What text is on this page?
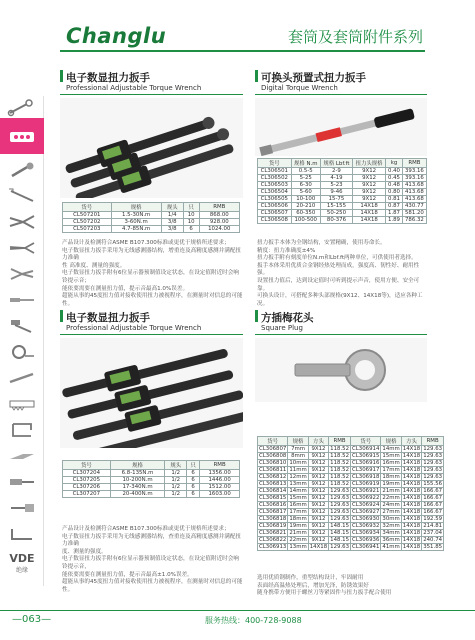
Changlu	套筒及套筒附件系列
VDE
绝缘
电子数显扭力扳手
Professional Adjustable Torque Wrench
货号	规格	规头	只	RMB
CL507201	1.5-30N.m	1/4	10	868.00
CL507202	3-60N.m	3/8	10	928.00
CL507203	4.7-85N.m	3/8	6	1024.00
产品设计及检测符合ASME B107.300标准或更优于规格所述要求；
电子数显扭力扳手采用为无线感测器结构，增重连及高精度感测并满配扭力准确
性 高准度、测量的强度。
电子数显扭力扳手附有6位显示器预制值设定状态，在设定值附近时会响铃提示音；
能依要需要在测量扭力值，提示音最高1.0%误差。
超能从事的45度扭力值对接收使用扭力被视程序，在测量时对信息的可能性。
可换头预置式扭力扳手
Digital Torque Wrench
货号	规格 N.m	规格 Lbf.ft	扭力头规格	kg	RMB
CL306501	0.5-5	2-9	9X12	0.40	393.16
CL306502	5-25	4-19	9X12	0.45	393.16
CL306503	6-30	5-23	9X12	0.48	413.68
CL306504	5-60	9-46	9X12	0.80	413.68
CL306505	10-100	15-75	9X12	0.81	413.68
CL306506	20-210	15-155	14X18	0.87	430.77
CL306507	60-350	50-250	14X18	1.87	581.20
CL306508	100-500	80-376	14X18	1.89	786.32
扭力扳手本体为全钢结构，安置精确，使用寿命长。
精度：扭力准确度±4%
扭力扳手附有刻度单位N.m和Lbf.ft两种单位，可供使用者选择。
扳手本体采用优质合金钢经热处理而成，强度高、韧性好、耐用性强。
设置扭力值后，达到设定值时可听到提示声音，使用方便、安全可靠。
可换头设计，可搭配多种头部规格(9X12、14X18等)，适应各种工况。
电子数显扭力扳手
Professional Adjustable Torque Wrench
货号	规格	规头	只	RMB
CL307204	6.8-135N.m	1/2	6	1356.00
CL307205	10-200N.m	1/2	6	1446.00
CL307206	17-340N.m	1/2	6	1512.00
CL307207	20-400N.m	1/2	6	1603.00
产品设计及检测符合ASME B107.300标准或更优于规格所述要求；
电子数显扭力扳手采用为无线感测器结构，查重连及高精度感测并满配扭力准确
度、测量的强度。
电子数显扭力扳手附有6位显示器预制值设定状态，在设定值附近时会响铃提示音，
能依要需要在测量扭力值，提示音最高±1.0%误差。
超能从事的45度扭力值对接收使用扭力被视程序，在测量时对信息的可能性。
方插梅花头
Square Plug
货号	规格	方头	RMB	货号	规格	方头	RMB
CL306807	7mm	9X12	118.52	CL306914	14mm	14X18	129.63
CL306808	8mm	9X12	118.52	CL306915	15mm	14X18	129.63
CL306810	10mm	9X12	118.52	CL306916	16mm	14X18	129.63
CL306811	11mm	9X12	118.52	CL306917	17mm	14X18	129.63
CL306812	12mm	9X12	118.52	CL306918	18mm	14X18	129.63
CL306813	13mm	9X12	118.52	CL306919	19mm	14X18	155.56
CL306814	14mm	9X12	129.63	CL306921	21mm	14X18	166.67
CL306815	15mm	9X12	129.63	CL306922	22mm	14X18	166.67
CL306816	16mm	9X12	129.63	CL306924	24mm	14X18	166.67
CL306817	17mm	9X12	129.63	CL306927	27mm	14X18	166.67
CL306818	18mm	9X12	129.63	CL306930	30mm	14X18	192.59
CL306819	19mm	9X12	148.15	CL306932	32mm	14X18	214.81
CL306821	21mm	9X12	148.15	CL306934	34mm	14X18	237.04
CL306822	22mm	9X12	148.15	CL306936	36mm	14X18	240.74
CL306913	13mm	14X18	129.63	CL306941	41mm	14X18	351.85
选用优质钢制作，重型结构设计，牢固耐用
表面经高温热处理后，增加光泽，防锈效果好
随身携带方便用于螺丝刀等紧固件与扭力扳手配合使用
—063—	服务热线：400-728-9088
